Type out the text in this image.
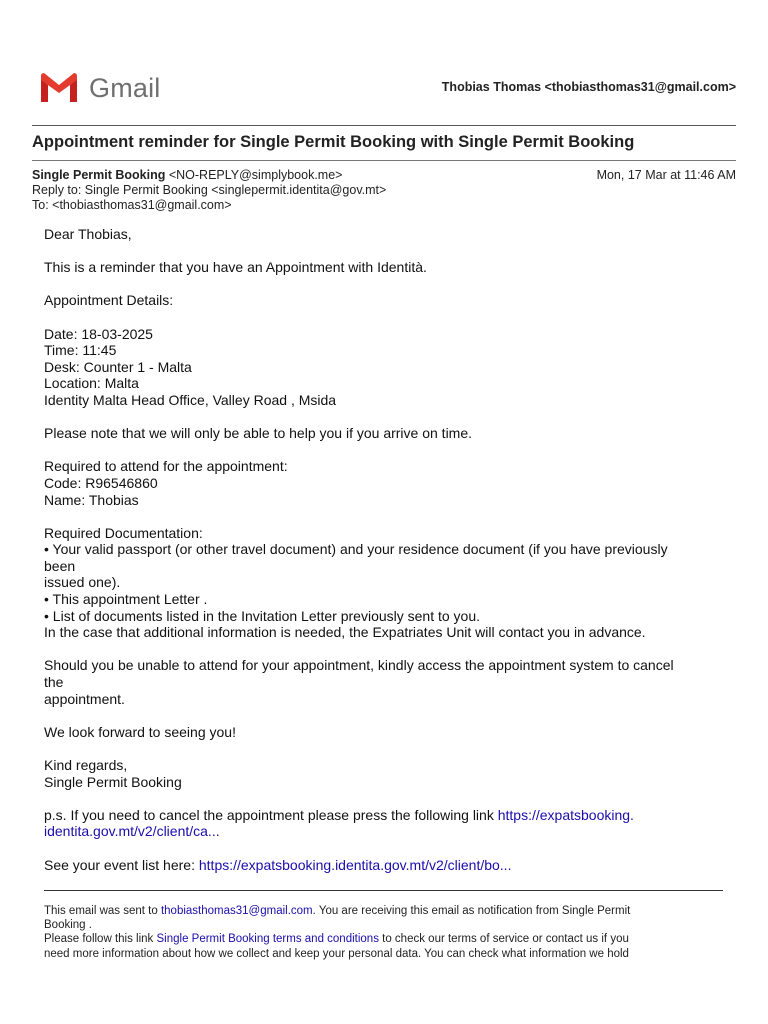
Gmail	Thobias Thomas <thobiasthomas31@gmail.com>
Appointment reminder for Single Permit Booking with Single Permit Booking
Single Permit Booking <NO-REPLY@simplybook.me>	Mon, 17 Mar at 11:46 AM
Reply to: Single Permit Booking <singlepermit.identita@gov.mt>
To: <thobiasthomas31@gmail.com>

Dear Thobias,

This is a reminder that you have an Appointment with Identità.

Appointment Details:

Date: 18-03-2025
Time: 11:45
Desk: Counter 1 - Malta
Location: Malta
Identity Malta Head Office, Valley Road , Msida

Please note that we will only be able to help you if you arrive on time.

Required to attend for the appointment:
Code: R96546860
Name: Thobias

Required Documentation:
• Your valid passport (or other travel document) and your residence document (if you have previously
been
issued one).
• This appointment Letter .
• List of documents listed in the Invitation Letter previously sent to you.
In the case that additional information is needed, the Expatriates Unit will contact you in advance.

Should you be unable to attend for your appointment, kindly access the appointment system to cancel
the
appointment.

We look forward to seeing you!

Kind regards,
Single Permit Booking

p.s. If you need to cancel the appointment please press the following link https://expatsbooking.
identita.gov.mt/v2/client/ca...

See your event list here: https://expatsbooking.identita.gov.mt/v2/client/bo...

This email was sent to thobiasthomas31@gmail.com. You are receiving this email as notification from Single Permit
Booking .
Please follow this link Single Permit Booking terms and conditions to check our terms of service or contact us if you
need more information about how we collect and keep your personal data. You can check what information we hold
